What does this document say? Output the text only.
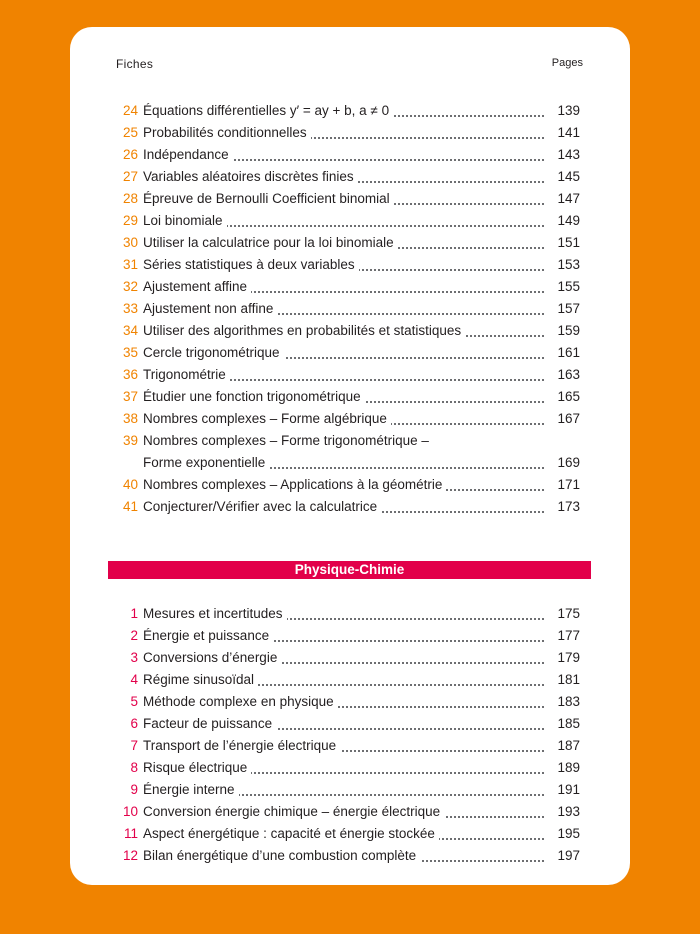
Fiches	Pages
24 Équations différentielles y′ = ay + b, a ≠ 0	139
25 Probabilités conditionnelles	141
26 Indépendance	143
27 Variables aléatoires discrètes finies	145
28 Épreuve de Bernoulli Coefficient binomial	147
29 Loi binomiale	149
30 Utiliser la calculatrice pour la loi binomiale	151
31 Séries statistiques à deux variables	153
32 Ajustement affine	155
33 Ajustement non affine	157
34 Utiliser des algorithmes en probabilités et statistiques	159
35 Cercle trigonométrique	161
36 Trigonométrie	163
37 Étudier une fonction trigonométrique	165
38 Nombres complexes – Forme algébrique	167
39 Nombres complexes – Forme trigonométrique –
Forme exponentielle	169
40 Nombres complexes – Applications à la géométrie	171
41 Conjecturer/Vérifier avec la calculatrice	173
Physique-Chimie
1 Mesures et incertitudes	175
2 Énergie et puissance	177
3 Conversions d’énergie	179
4 Régime sinusoïdal	181
5 Méthode complexe en physique	183
6 Facteur de puissance	185
7 Transport de l’énergie électrique	187
8 Risque électrique	189
9 Énergie interne	191
10 Conversion énergie chimique – énergie électrique	193
11 Aspect énergétique : capacité et énergie stockée	195
12 Bilan énergétique d’une combustion complète	197
